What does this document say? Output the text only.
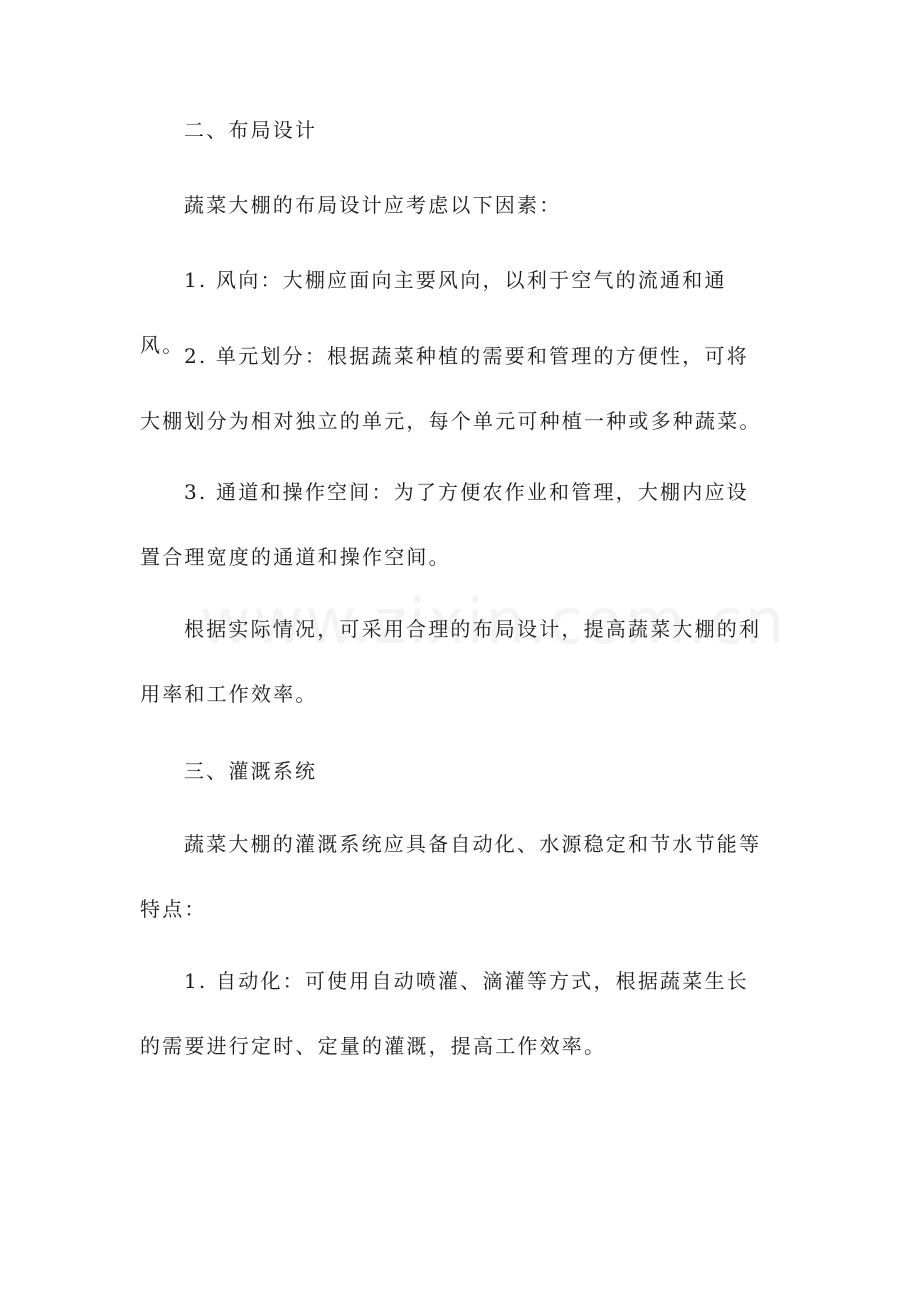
二、布局设计

蔬菜大棚的布局设计应考虑以下因素：

1. 风向：大棚应面向主要风向，以利于空气的流通和通风。 2. 单元划分：根据蔬菜种植的需要和管理的方便性，可将大棚划分为相对独立的单元，每个单元可种植一种或多种蔬菜。

3. 通道和操作空间：为了方便农作业和管理，大棚内应设置合理宽度的通道和操作空间。

根据实际情况，可采用合理的布局设计，提高蔬菜大棚的利用率和工作效率。

三、灌溉系统

蔬菜大棚的灌溉系统应具备自动化、水源稳定和节水节能等特点：

1. 自动化：可使用自动喷灌、滴灌等方式，根据蔬菜生长的需要进行定时、定量的灌溉，提高工作效率。
